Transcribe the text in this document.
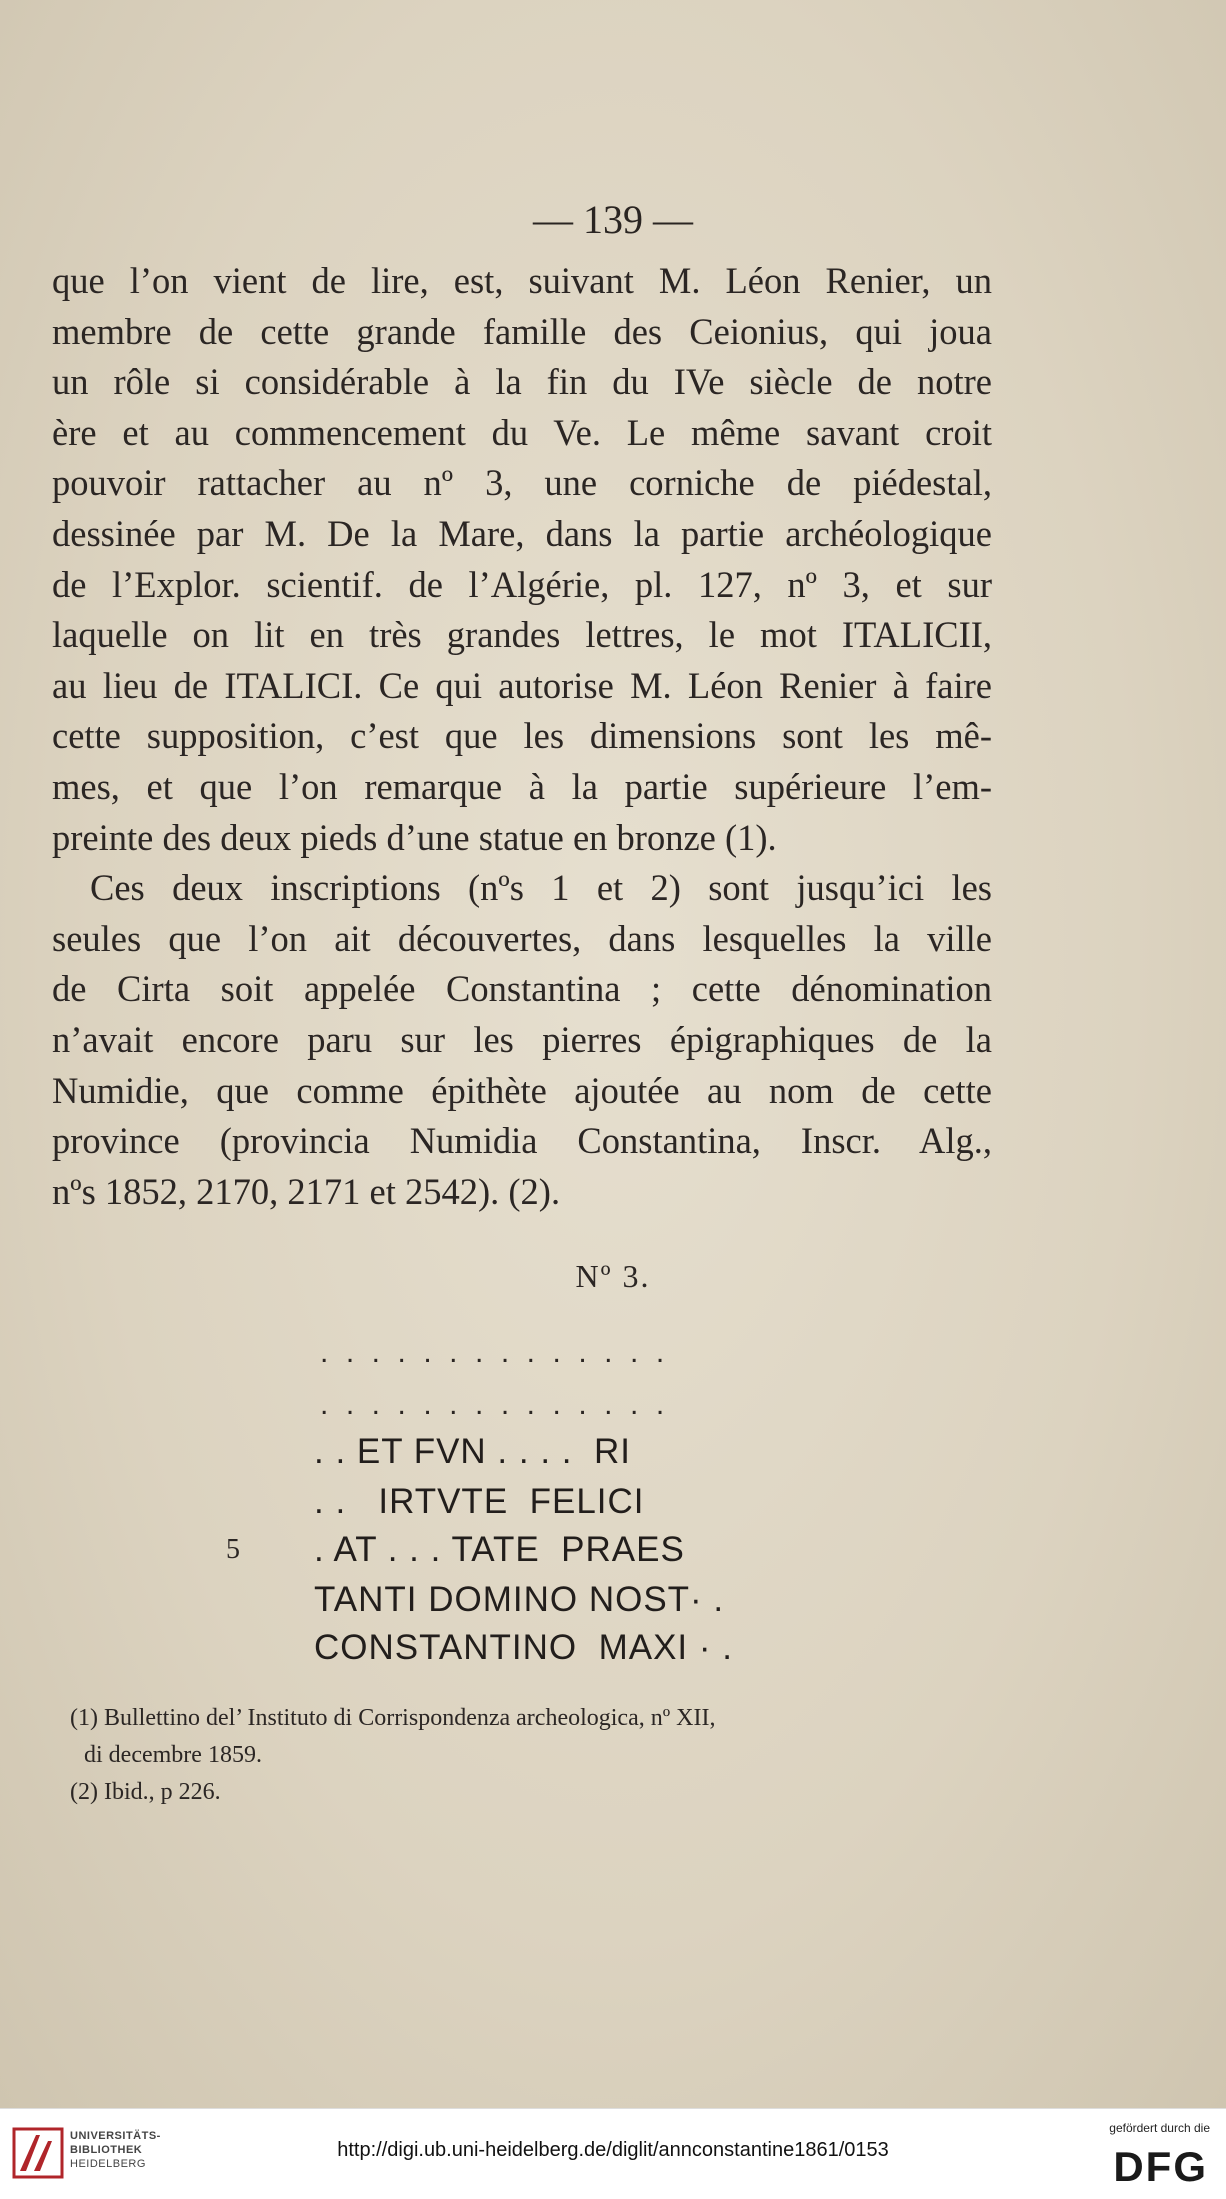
— 139 —
que l’on vient de lire, est, suivant M. Léon Renier, un
membre de cette grande famille des Ceionius, qui joua
un rôle si considérable à la fin du IVe siècle de notre
ère et au commencement du Ve. Le même savant croit
pouvoir rattacher au nº 3, une corniche de piédestal,
dessinée par M. De la Mare, dans la partie archéologique
de l’Explor. scientif. de l’Algérie, pl. 127, nº 3, et sur
laquelle on lit en très grandes lettres, le mot ITALICII,
au lieu de ITALICI. Ce qui autorise M. Léon Renier à faire
cette supposition, c’est que les dimensions sont les mê-
mes, et que l’on remarque à la partie supérieure l’em-
preinte des deux pieds d’une statue en bronze (1).
Ces deux inscriptions (nºs 1 et 2) sont jusqu’ici les
seules que l’on ait découvertes, dans lesquelles la ville
de Cirta soit appelée Constantina ; cette dénomination
n’avait encore paru sur les pierres épigraphiques de la
Numidie, que comme épithète ajoutée au nom de cette
province (provincia Numidia Constantina, Inscr. Alg.,
nºs 1852, 2170, 2171 et 2542). (2).
Nº 3.
..............
..............
. . ET FVN . . . .  RI
. .   IRTVTE  FELICI
5 . AT . . . TATE  PRAES
TANTI DOMINO NOST· .
CONSTANTINO  MAXI · .
(1) Bullettino del’ Instituto di Corrispondenza archeologica, nº XII,
di decembre 1859.
(2) Ibid., p 226.
UNIVERSITÄTS-
BIBLIOTHEK
HEIDELBERG
http://digi.ub.uni-heidelberg.de/diglit/annconstantine1861/0153
gefördert durch die
DFG
